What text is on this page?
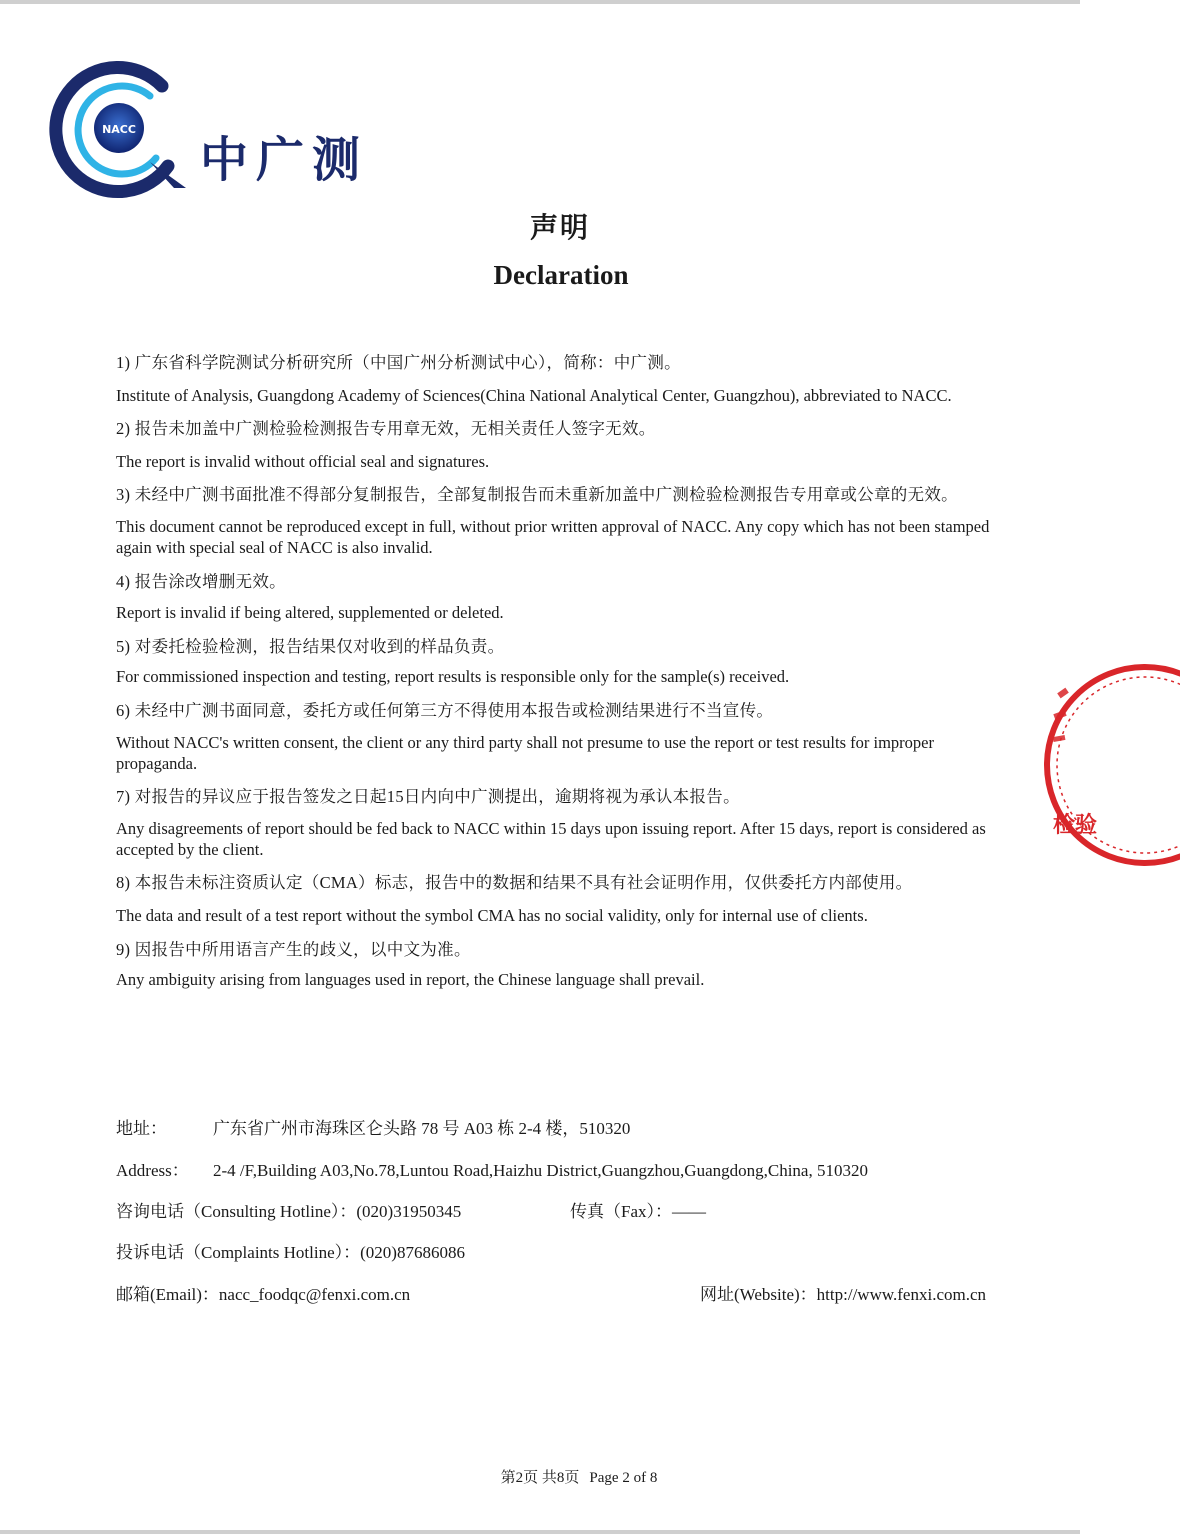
NACC
中广测
声明
Declaration
1) 广东省科学院测试分析研究所（中国广州分析测试中心），简称：中广测。
Institute of Analysis, Guangdong Academy of Sciences(China National Analytical Center, Guangzhou), abbreviated to NACC.
2) 报告未加盖中广测检验检测报告专用章无效，无相关责任人签字无效。
The report is invalid without official seal and signatures.
3) 未经中广测书面批准不得部分复制报告，全部复制报告而未重新加盖中广测检验检测报告专用章或公章的无效。
This document cannot be reproduced except in full, without prior written approval of NACC. Any copy which has not been stamped again with special seal of NACC is also invalid.
4) 报告涂改增删无效。
Report is invalid if being altered, supplemented or deleted.
5) 对委托检验检测，报告结果仅对收到的样品负责。
For commissioned inspection and testing, report results is responsible only for the sample(s) received.
6) 未经中广测书面同意，委托方或任何第三方不得使用本报告或检测结果进行不当宣传。
Without NACC's written consent, the client or any third party shall not presume to use the report or test results for improper propaganda.
7) 对报告的异议应于报告签发之日起15日内向中广测提出，逾期将视为承认本报告。
Any disagreements of report should be fed back to NACC within 15 days upon issuing report. After 15 days, report is considered as accepted by the client.
8) 本报告未标注资质认定（CMA）标志，报告中的数据和结果不具有社会证明作用，仅供委托方内部使用。
The data and result of a test report without the symbol CMA has no social validity, only for internal use of clients.
9) 因报告中所用语言产生的歧义，以中文为准。
Any ambiguity arising from languages used in report, the Chinese language shall prevail.
检验
地址：	广东省广州市海珠区仑头路 78 号 A03 栋 2-4 楼，510320
Address： 2-4 /F,Building A03,No.78,Luntou Road,Haizhu District,Guangzhou,Guangdong,China, 510320
咨询电话（Consulting Hotline）：(020)31950345	传真（Fax）：——
投诉电话（Complaints Hotline）：(020)87686086
邮箱(Email)：nacc_foodqc@fenxi.com.cn	网址(Website)：http://www.fenxi.com.cn
第2页 共8页 Page 2 of 8
